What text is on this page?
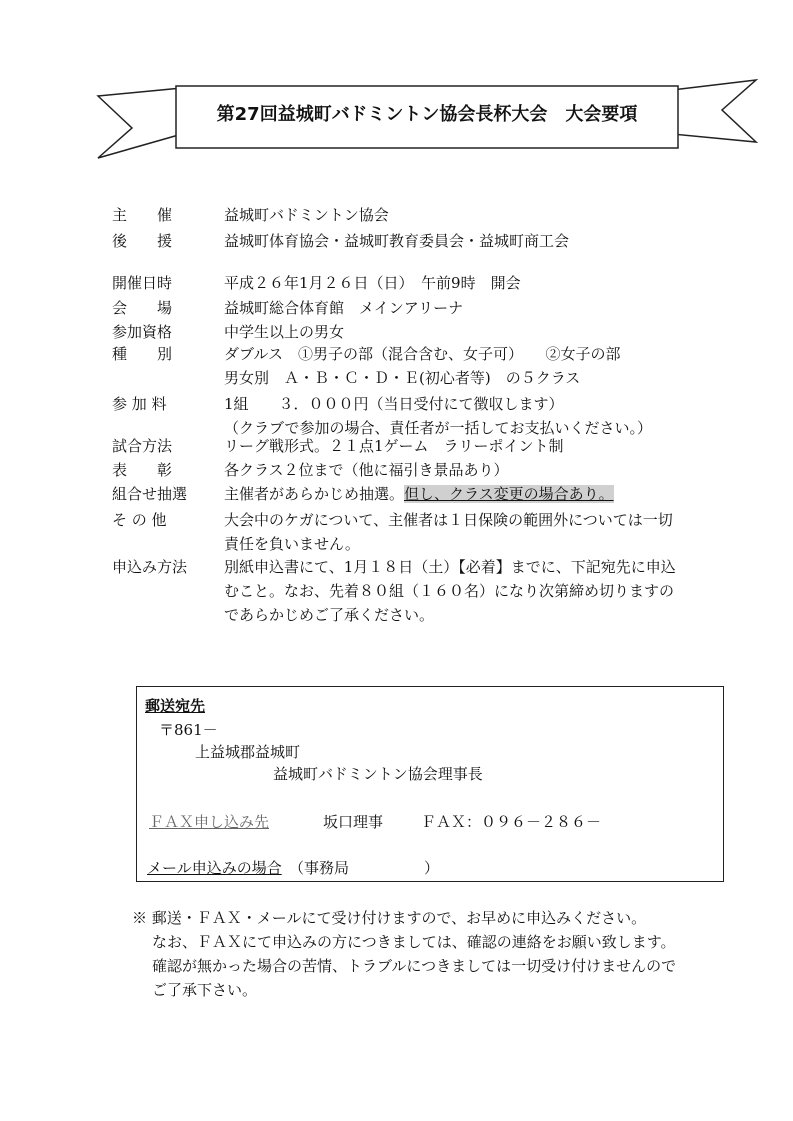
第27回益城町バドミントン協会長杯大会　大会要項
主　　催	益城町バドミントン協会
後　　援	益城町体育協会・益城町教育委員会・益城町商工会
開催日時	平成２６年1月２６日（日）　午前9時　開会
会　　場	益城町総合体育館　メインアリーナ
参加資格	中学生以上の男女
種　　別	ダブルス　①男子の部（混合含む、女子可）　　②女子の部
男女別　Ａ・Ｂ・Ｃ・Ｄ・Ｅ(初心者等)　の５クラス
参 加 料	1組　　３．０００円（当日受付にて徴収します）
（クラブで参加の場合、責任者が一括してお支払いください。）
試合方法	リーグ戦形式。２１点1ゲーム　ラリーポイント制
表　　彰	各クラス２位まで（他に福引き景品あり）
組合せ抽選	主催者があらかじめ抽選。但し、クラス変更の場合あり。
そ の 他	大会中のケガについて、主催者は１日保険の範囲外については一切
責任を負いません。
申込み方法	別紙申込書にて、1月１８日（土）【必着】までに、下記宛先に申込
むこと。なお、先着８０組（１６０名）になり次第締め切りますの
であらかじめご了承ください。
郵送宛先
〒861－
上益城郡益城町
益城町バドミントン協会理事長
ＦＡＸ申し込み先	坂口理事	ＦＡＸ：０９６－２８６－
メール申込みの場合 （事務局　　　　　）
※ 郵送・ＦＡＸ・メールにて受け付けますので、お早めに申込みください。
なお、ＦＡＸにて申込みの方につきましては、確認の連絡をお願い致します。
確認が無かった場合の苦情、トラブルにつきましては一切受け付けませんので
ご了承下さい。
